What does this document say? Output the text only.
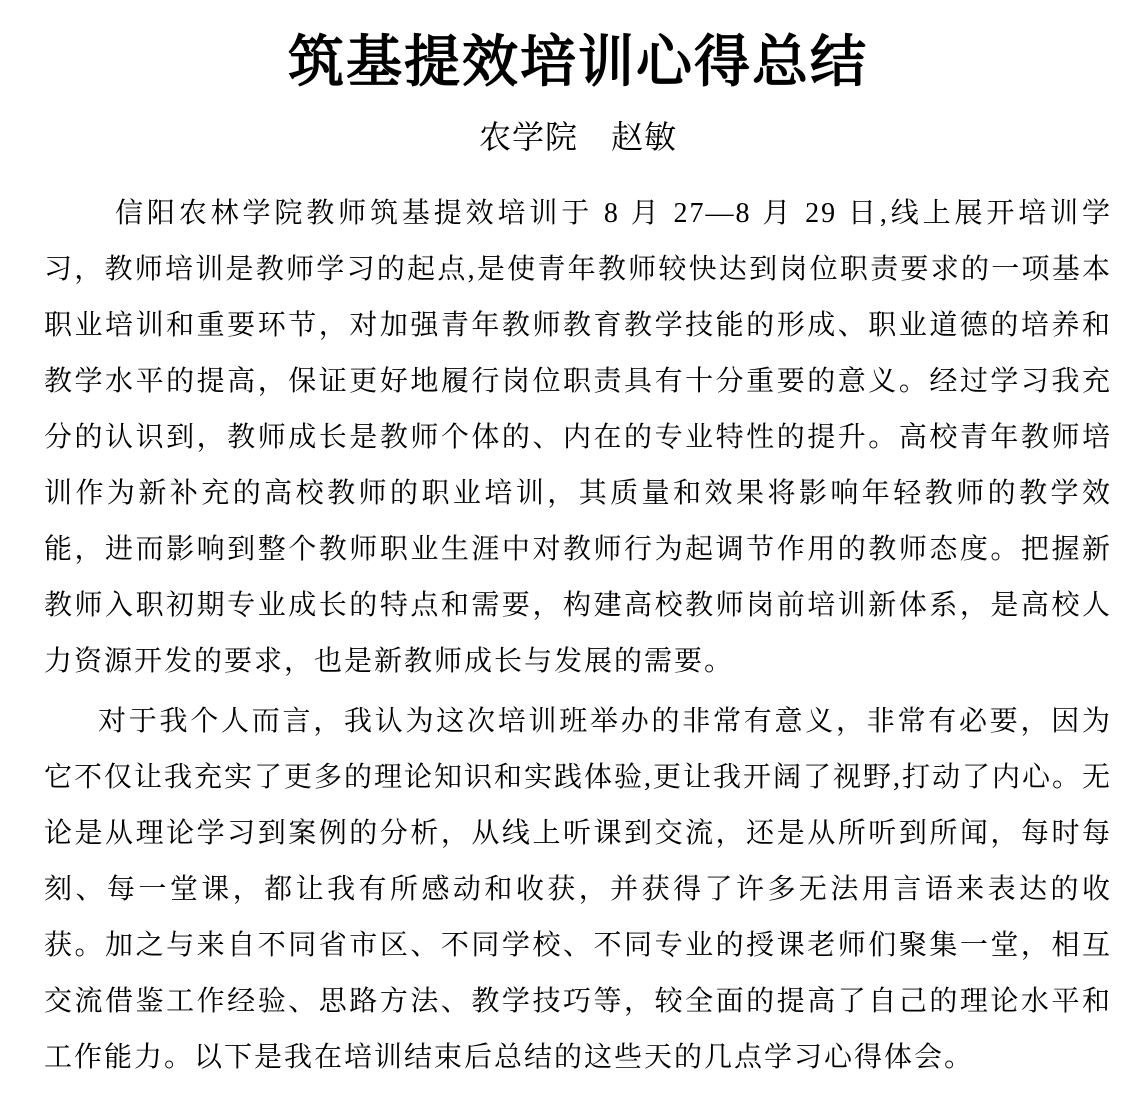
筑基提效培训心得总结
农学院　赵敏

信阳农林学院教师筑基提效培训于 8 月 27—8 月 29 日,线上展开培训学习，教师培训是教师学习的起点,是使青年教师较快达到岗位职责要求的一项基本职业培训和重要环节，对加强青年教师教育教学技能的形成、职业道德的培养和教学水平的提高，保证更好地履行岗位职责具有十分重要的意义。经过学习我充分的认识到，教师成长是教师个体的、内在的专业特性的提升。高校青年教师培训作为新补充的高校教师的职业培训，其质量和效果将影响年轻教师的教学效能，进而影响到整个教师职业生涯中对教师行为起调节作用的教师态度。把握新教师入职初期专业成长的特点和需要，构建高校教师岗前培训新体系，是高校人力资源开发的要求，也是新教师成长与发展的需要。

对于我个人而言，我认为这次培训班举办的非常有意义，非常有必要，因为它不仅让我充实了更多的理论知识和实践体验,更让我开阔了视野,打动了内心。无论是从理论学习到案例的分析，从线上听课到交流，还是从所听到所闻，每时每刻、每一堂课，都让我有所感动和收获，并获得了许多无法用言语来表达的收获。加之与来自不同省市区、不同学校、不同专业的授课老师们聚集一堂，相互交流借鉴工作经验、思路方法、教学技巧等，较全面的提高了自己的理论水平和工作能力。以下是我在培训结束后总结的这些天的几点学习心得体会。
